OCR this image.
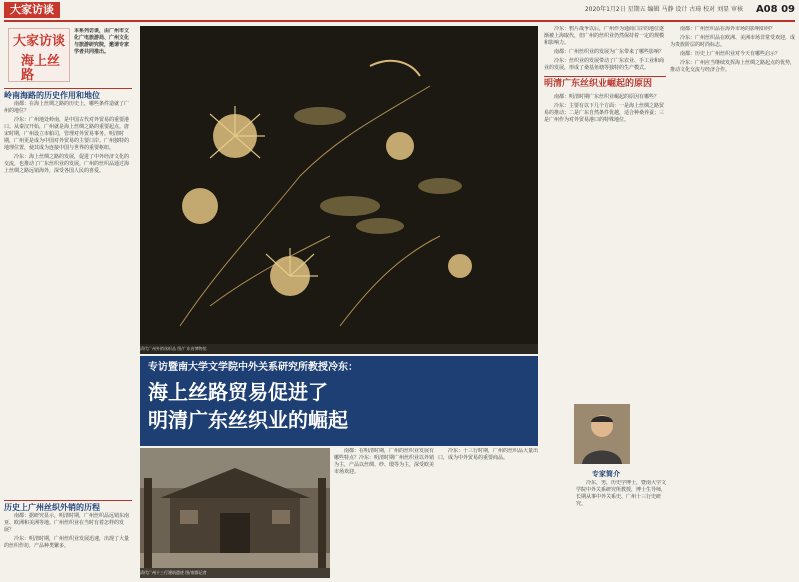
大家访谈	2020年1月2日 星期五 编辑 马静 设计 古琦 校对 刘显 审核 A08 09
大家访谈
海上丝路
本系列访谈，由广州市文化广电旅游局、广州文化与旅游研究院，邀请专家学者共同推出。

岭南海路的历史作用和地位

南都：在海上丝绸之路的历史上，哪些条件造就了广州的地位？

冷东：广州地处岭南，是中国古代对外贸易的重要港口。从秦汉开始，广州就是海上丝绸之路的重要起点。唐宋时期，广州设立市舶司，管理对外贸易事务。明清时期，广州更是成为中国对外贸易的主要口岸。广州独特的地理位置，使其成为连接中国与世界的重要枢纽。

冷东：海上丝绸之路的发展，促进了中外经济文化的交流，也推动了广东丝织业的发展。广州的丝织品通过海上丝绸之路远销海外，深受各国人民的喜爱。

历史上广州丝织外销的历程

南都：据研究显示，明清时期，广州丝织品远销东南亚、欧洲和美洲等地。广州丝织业在当时有着怎样的发展？

冷东：明清时期，广州丝织业发展迅速，出现了大量的丝织作坊，产品种类繁多。

清代广州外销丝织品 图/广东省博物馆
专访暨南大学文学院中外关系研究所教授冷东：
海上丝路贸易促进了
明清广东丝织业的崛起
清代广州十三行建筑遗迹 图/南都记者

南都：在明清时期，广州的丝织业发展有哪些特点？冷东：明清时期广州丝织业以外销为主，产品以丝绸、纱、缎等为主，深受欧美市场欢迎。

冷东：十三行时期，广州的丝织品大量出口，成为中外贸易的重要商品。

冷东：鸦片战争以后，广州作为通商口岸的地位逐渐被上海取代，但广州的丝织业仍然保持着一定的规模和影响力。

南都：广州丝织业的发展为广东带来了哪些影响？

冷东：丝织业的发展带动了广东农业、手工业和商业的发展，形成了桑基鱼塘等独特的生产模式。

明清广东丝织业崛起的原因

南都：明清时期广东丝织业崛起的原因有哪些？

冷东：主要有以下几个方面：一是海上丝绸之路贸易的推动；二是广东自然条件优越，适合种桑养蚕；三是广州作为对外贸易港口的特殊地位。

南都：广州丝织品在海外市场的影响如何？

冷东：广州丝织品在欧洲、美洲市场非常受欢迎，成为贵族阶层的时尚标志。

南都：历史上广州丝织业对今天有哪些启示？

冷东：广州应当继续发挥海上丝绸之路起点的优势，推动文化交流与经济合作。

专家简介

冷东，男，历史学博士，暨南大学文学院中外关系研究所教授，博士生导师，长期从事中外关系史、广州十三行史研究。
